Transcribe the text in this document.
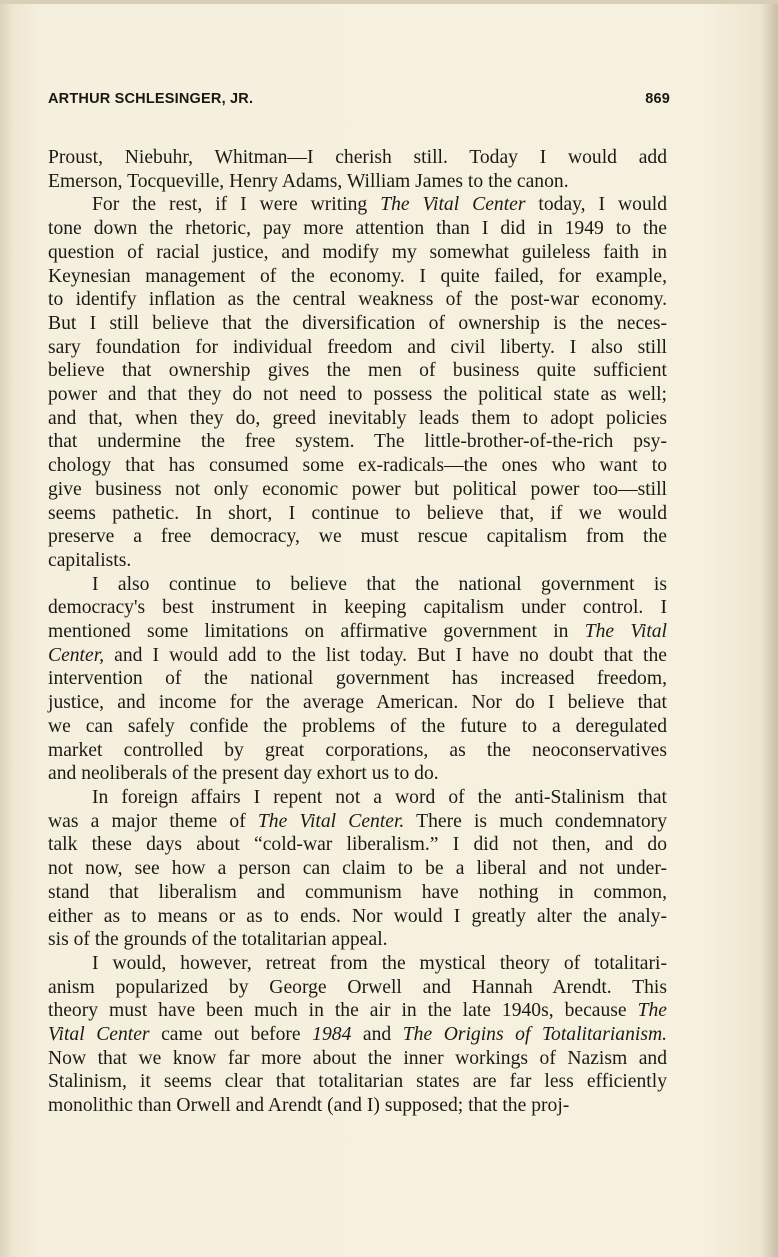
ARTHUR SCHLESINGER, JR.	869

Proust, Niebuhr, Whitman—I cherish still. Today I would add
Emerson, Tocqueville, Henry Adams, William James to the canon.

For the rest, if I were writing The Vital Center today, I would
tone down the rhetoric, pay more attention than I did in 1949 to the
question of racial justice, and modify my somewhat guileless faith in
Keynesian management of the economy. I quite failed, for example,
to identify inflation as the central weakness of the post-war economy.
But I still believe that the diversification of ownership is the neces-
sary foundation for individual freedom and civil liberty. I also still
believe that ownership gives the men of business quite sufficient
power and that they do not need to possess the political state as well;
and that, when they do, greed inevitably leads them to adopt policies
that undermine the free system. The little-brother-of-the-rich psy-
chology that has consumed some ex-radicals—the ones who want to
give business not only economic power but political power too—still
seems pathetic. In short, I continue to believe that, if we would
preserve a free democracy, we must rescue capitalism from the
capitalists.

I also continue to believe that the national government is
democracy's best instrument in keeping capitalism under control. I
mentioned some limitations on affirmative government in The Vital
Center, and I would add to the list today. But I have no doubt that the
intervention of the national government has increased freedom,
justice, and income for the average American. Nor do I believe that
we can safely confide the problems of the future to a deregulated
market controlled by great corporations, as the neoconservatives
and neoliberals of the present day exhort us to do.

In foreign affairs I repent not a word of the anti-Stalinism that
was a major theme of The Vital Center. There is much condemnatory
talk these days about “cold-war liberalism.” I did not then, and do
not now, see how a person can claim to be a liberal and not under-
stand that liberalism and communism have nothing in common,
either as to means or as to ends. Nor would I greatly alter the analy-
sis of the grounds of the totalitarian appeal.

I would, however, retreat from the mystical theory of totalitari-
anism popularized by George Orwell and Hannah Arendt. This
theory must have been much in the air in the late 1940s, because The
Vital Center came out before 1984 and The Origins of Totalitarianism.
Now that we know far more about the inner workings of Nazism and
Stalinism, it seems clear that totalitarian states are far less efficiently
monolithic than Orwell and Arendt (and I) supposed; that the proj-
